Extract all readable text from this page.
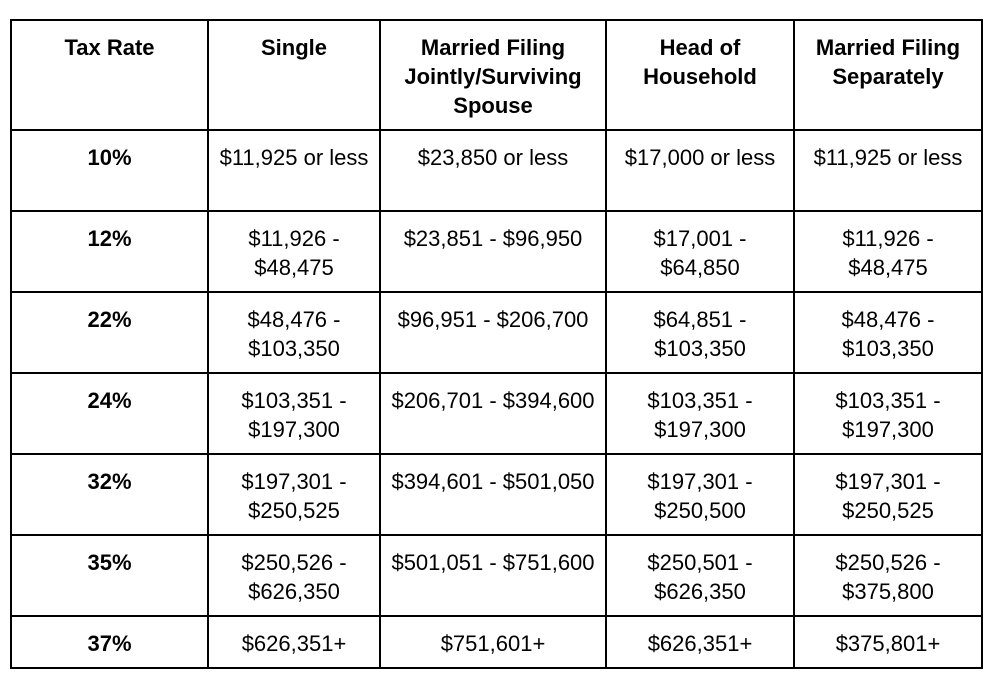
Tax Rate	Single	Married Filing Jointly/Surviving Spouse	Head of Household	Married Filing Separately
10%	$11,925 or less	$23,850 or less	$17,000 or less	$11,925 or less
12%	$11,926 - $48,475	$23,851 - $96,950	$17,001 - $64,850	$11,926 - $48,475
22%	$48,476 - $103,350	$96,951 - $206,700	$64,851 - $103,350	$48,476 - $103,350
24%	$103,351 - $197,300	$206,701 - $394,600	$103,351 - $197,300	$103,351 - $197,300
32%	$197,301 - $250,525	$394,601 - $501,050	$197,301 - $250,500	$197,301 - $250,525
35%	$250,526 - $626,350	$501,051 - $751,600	$250,501 - $626,350	$250,526 - $375,800
37%	$626,351+	$751,601+	$626,351+	$375,801+
